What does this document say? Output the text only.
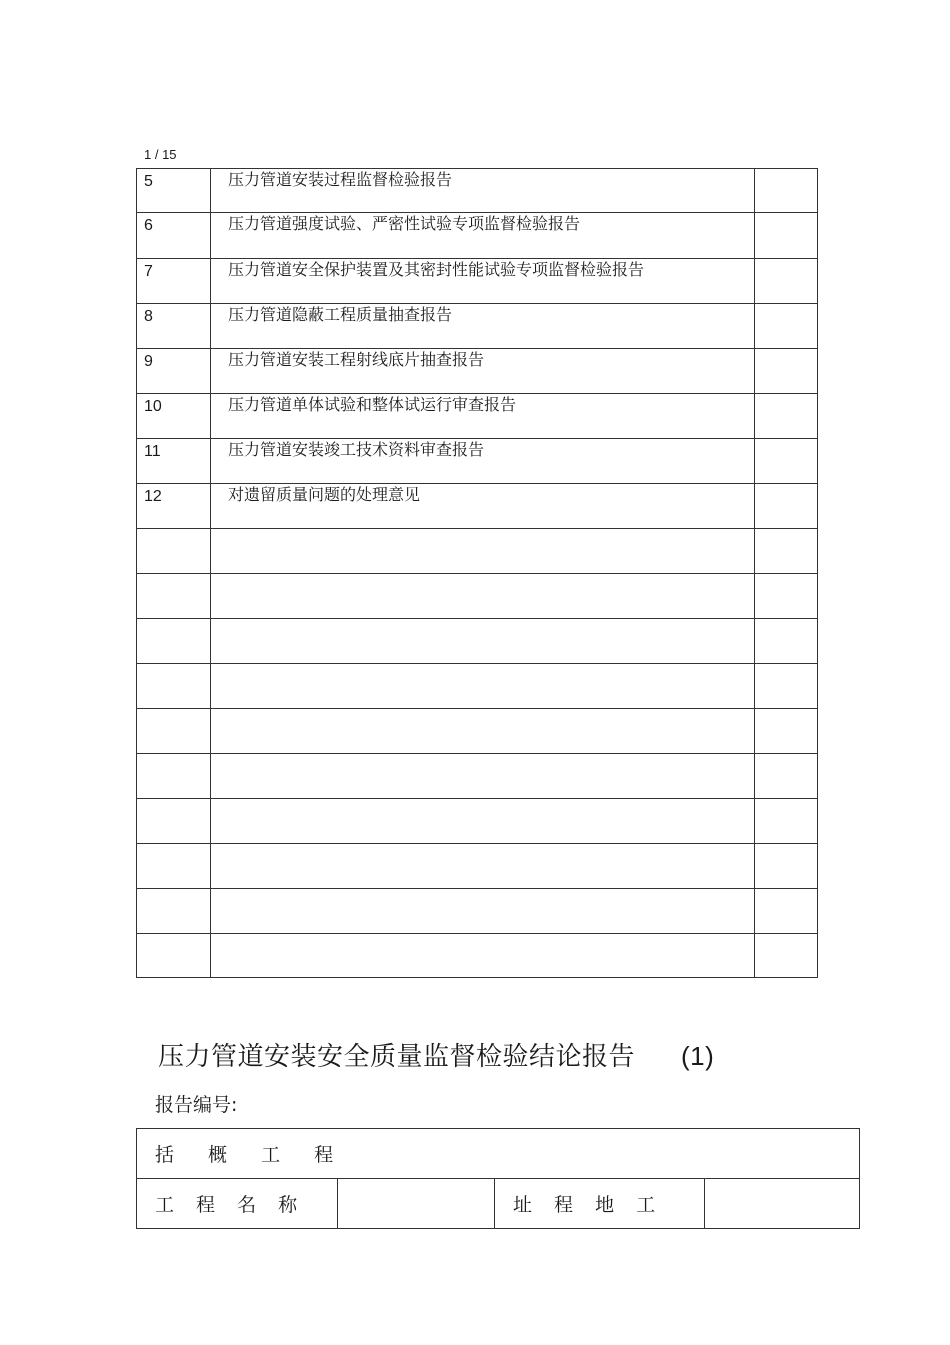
1 / 15
5	压力管道安装过程监督检验报告	
6	压力管道强度试验、严密性试验专项监督检验报告	
7	压力管道安全保护装置及其密封性能试验专项监督检验报告	
8	压力管道隐蔽工程质量抽查报告	
9	压力管道安装工程射线底片抽查报告	
10	压力管道单体试验和整体试运行审查报告	
11	压力管道安装竣工技术资料审查报告	
12	对遗留质量问题的处理意见	

压力管道安装安全质量监督检验结论报告 (1)
报告编号:
括 概 工 程
工 程 名 称		址 程 地 工	
